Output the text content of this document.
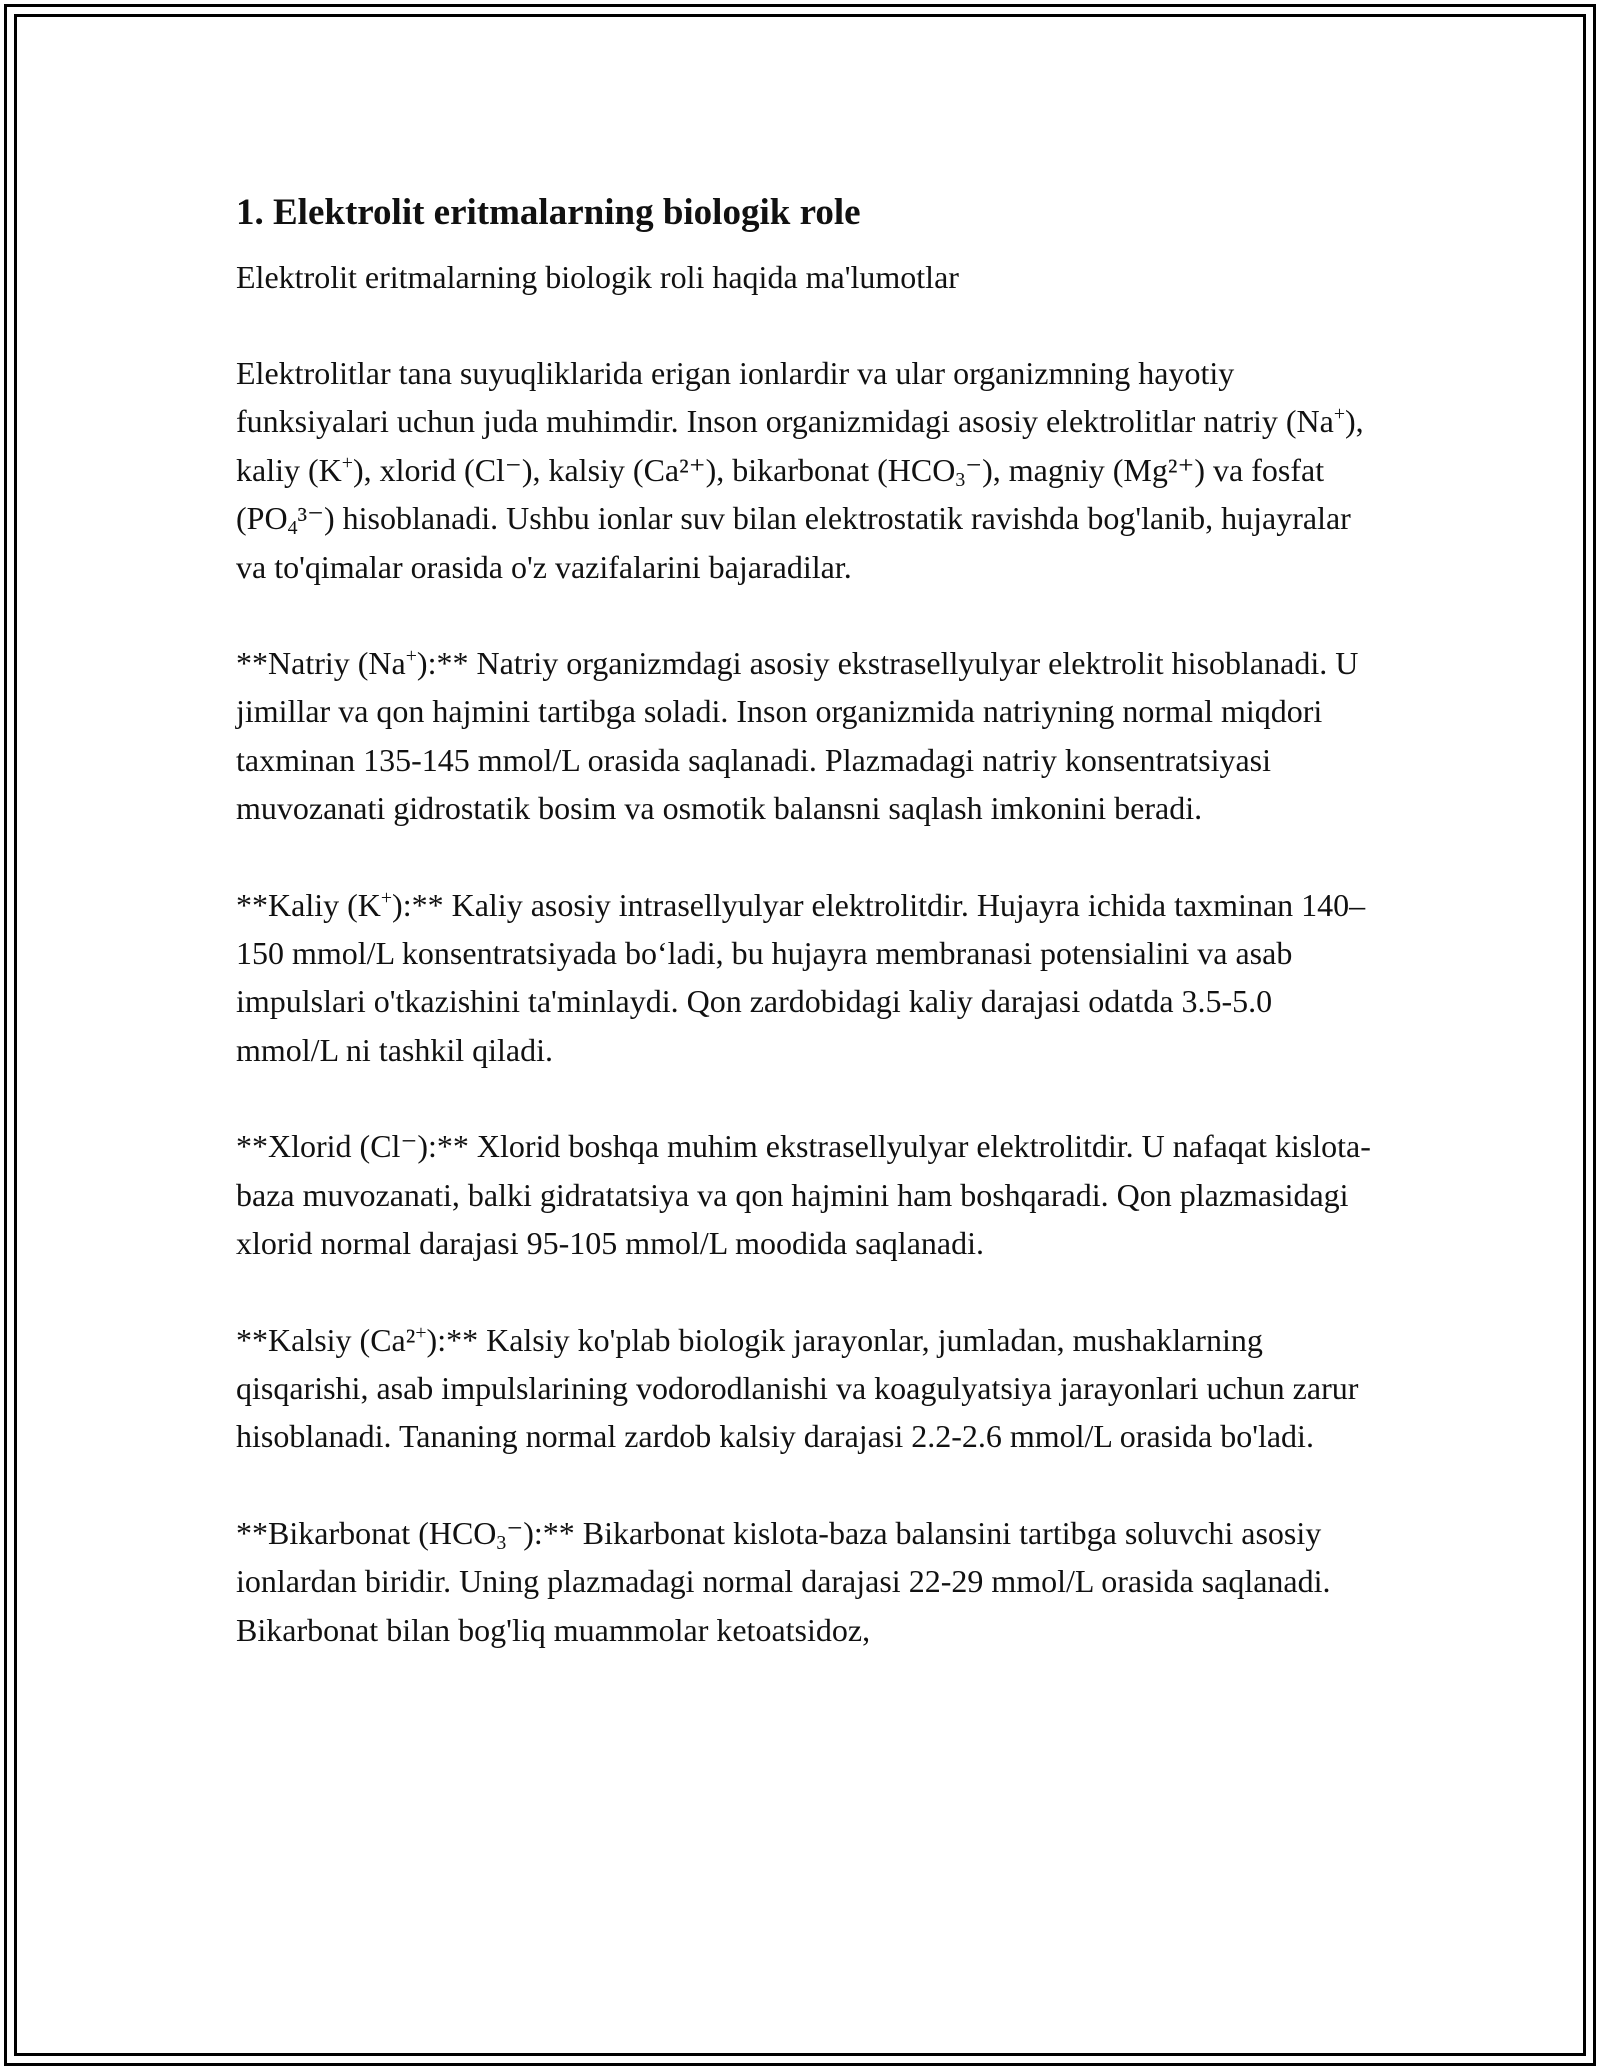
1. Elektrolit eritmalarning biologik role

Elektrolit eritmalarning biologik roli haqida ma'lumotlar

Elektrolitlar tana suyuqliklarida erigan ionlardir va ular organizmning hayotiy funksiyalari uchun juda muhimdir. Inson organizmidagi asosiy elektrolitlar natriy (Na+), kaliy (K+), xlorid (Cl⁻), kalsiy (Ca²⁺), bikarbonat $(HCO_3^-)$, magniy (Mg²⁺) va fosfat $(PO_4^{3-})$ hisoblanadi. Ushbu ionlar suv bilan elektrostatik ravishda bog'lanib, hujayralar va to'qimalar orasida o'z vazifalarini bajaradilar.

**Natriy (Na+):** Natriy organizmdagi asosiy ekstrasellyulyar elektrolit hisoblanadi. U jimillar va qon hajmini tartibga soladi. Inson organizmida natriyning normal miqdori taxminan 135-145 mmol/L orasida saqlanadi. Plazmadagi natriy konsentratsiyasi muvozanati gidrostatik bosim va osmotik balansni saqlash imkonini beradi.

**Kaliy (K+):** Kaliy asosiy intrasellyulyar elektrolitdir. Hujayra ichida taxminan 140–150 mmol/L konsentratsiyada bo‘ladi, bu hujayra membranasi potensialini va asab impulslari o'tkazishini ta'minlaydi. Qon zardobidagi kaliy darajasi odatda 3.5-5.0 mmol/L ni tashkil qiladi.

**Xlorid (Cl⁻):** Xlorid boshqa muhim ekstrasellyulyar elektrolitdir. U nafaqat kislota-baza muvozanati, balki gidratatsiya va qon hajmini ham boshqaradi. Qon plazmasidagi xlorid normal darajasi 95-105 mmol/L moodida saqlanadi.

**Kalsiy (Ca²+):** Kalsiy ko'plab biologik jarayonlar, jumladan, mushaklarning qisqarishi, asab impulslarining vodorodlanishi va koagulyatsiya jarayonlari uchun zarur hisoblanadi. Tananing normal zardob kalsiy darajasi 2.2-2.6 mmol/L orasida bo'ladi.

**Bikarbonat $(HCO_3^-):**$ Bikarbonat kislota-baza balansini tartibga soluvchi asosiy ionlardan biridir. Uning plazmadagi normal darajasi 22-29 mmol/L orasida saqlanadi. Bikarbonat bilan bog'liq muammolar ketoatsidoz,
